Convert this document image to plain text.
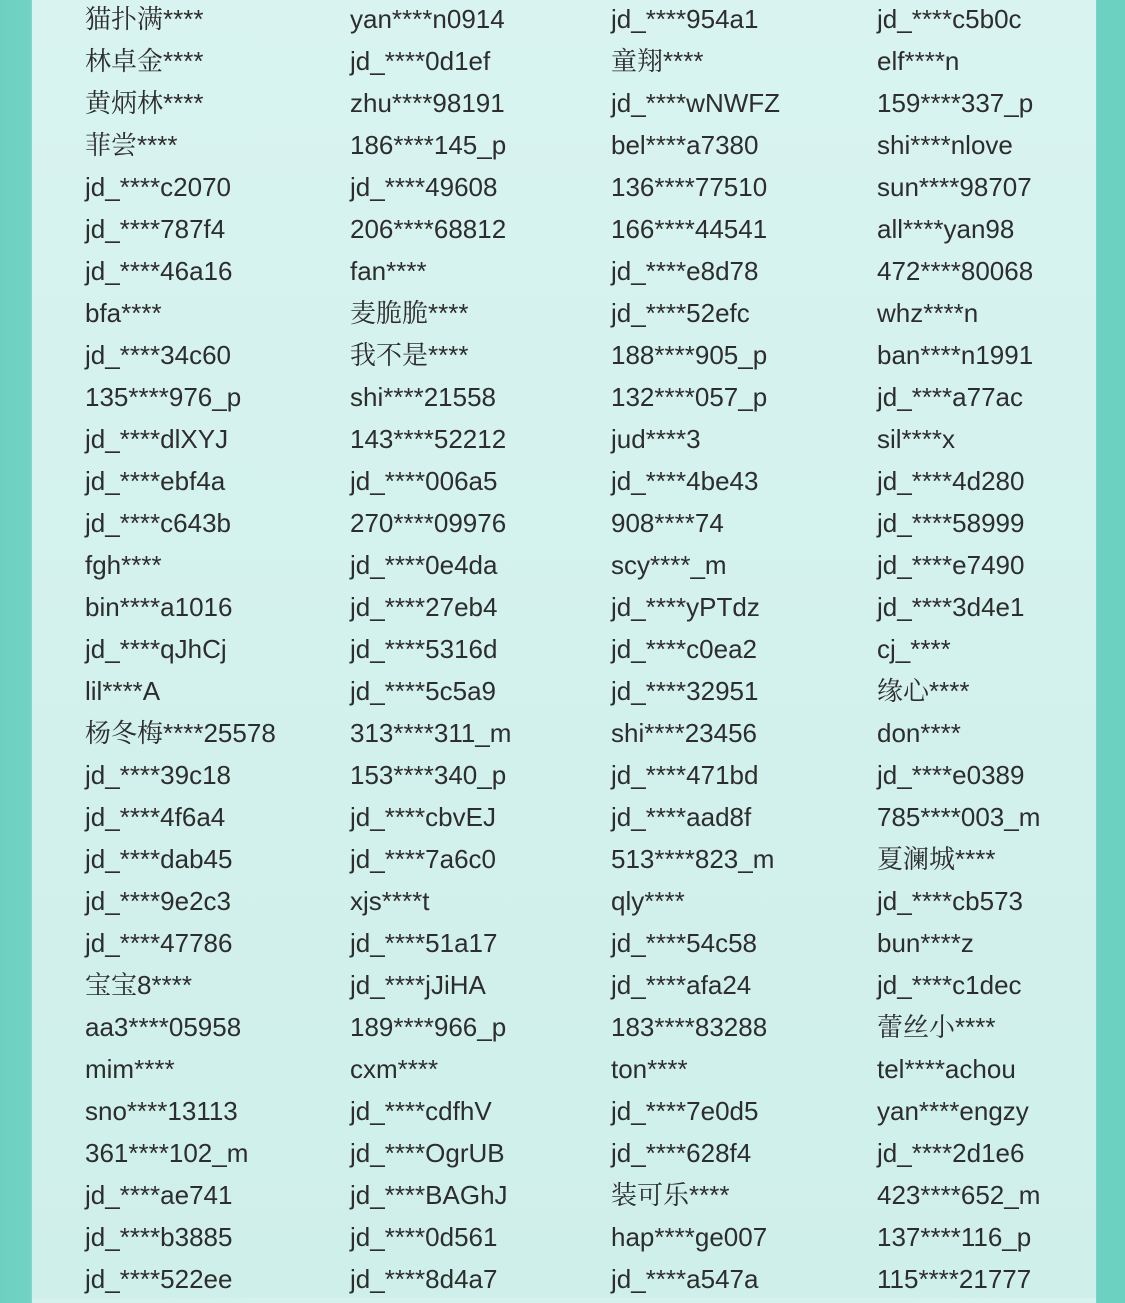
猫扑满****	yan****n0914	jd_****954a1	jd_****c5b0c
林卓金****	jd_****0d1ef	童翔****	elf****n
黄炳林****	zhu****98191	jd_****wNWFZ	159****337_p
菲尝****	186****145_p	bel****a7380	shi****nlove
jd_****c2070	jd_****49608	136****77510	sun****98707
jd_****787f4	206****68812	166****44541	all****yan98
jd_****46a16	fan****	jd_****e8d78	472****80068
bfa****	麦脆脆****	jd_****52efc	whz****n
jd_****34c60	我不是****	188****905_p	ban****n1991
135****976_p	shi****21558	132****057_p	jd_****a77ac
jd_****dlXYJ	143****52212	jud****3	sil****x
jd_****ebf4a	jd_****006a5	jd_****4be43	jd_****4d280
jd_****c643b	270****09976	908****74	jd_****58999
fgh****	jd_****0e4da	scy****_m	jd_****e7490
bin****a1016	jd_****27eb4	jd_****yPTdz	jd_****3d4e1
jd_****qJhCj	jd_****5316d	jd_****c0ea2	cj_****
lil****A	jd_****5c5a9	jd_****32951	缘心****
杨冬梅****25578	313****311_m	shi****23456	don****
jd_****39c18	153****340_p	jd_****471bd	jd_****e0389
jd_****4f6a4	jd_****cbvEJ	jd_****aad8f	785****003_m
jd_****dab45	jd_****7a6c0	513****823_m	夏澜城****
jd_****9e2c3	xjs****t	qly****	jd_****cb573
jd_****47786	jd_****51a17	jd_****54c58	bun****z
宝宝8****	jd_****jJiHA	jd_****afa24	jd_****c1dec
aa3****05958	189****966_p	183****83288	蕾丝小****
mim****	cxm****	ton****	tel****achou
sno****13113	jd_****cdfhV	jd_****7e0d5	yan****engzy
361****102_m	jd_****OgrUB	jd_****628f4	jd_****2d1e6
jd_****ae741	jd_****BAGhJ	装可乐****	423****652_m
jd_****b3885	jd_****0d561	hap****ge007	137****116_p
jd_****522ee	jd_****8d4a7	jd_****a547a	115****21777
